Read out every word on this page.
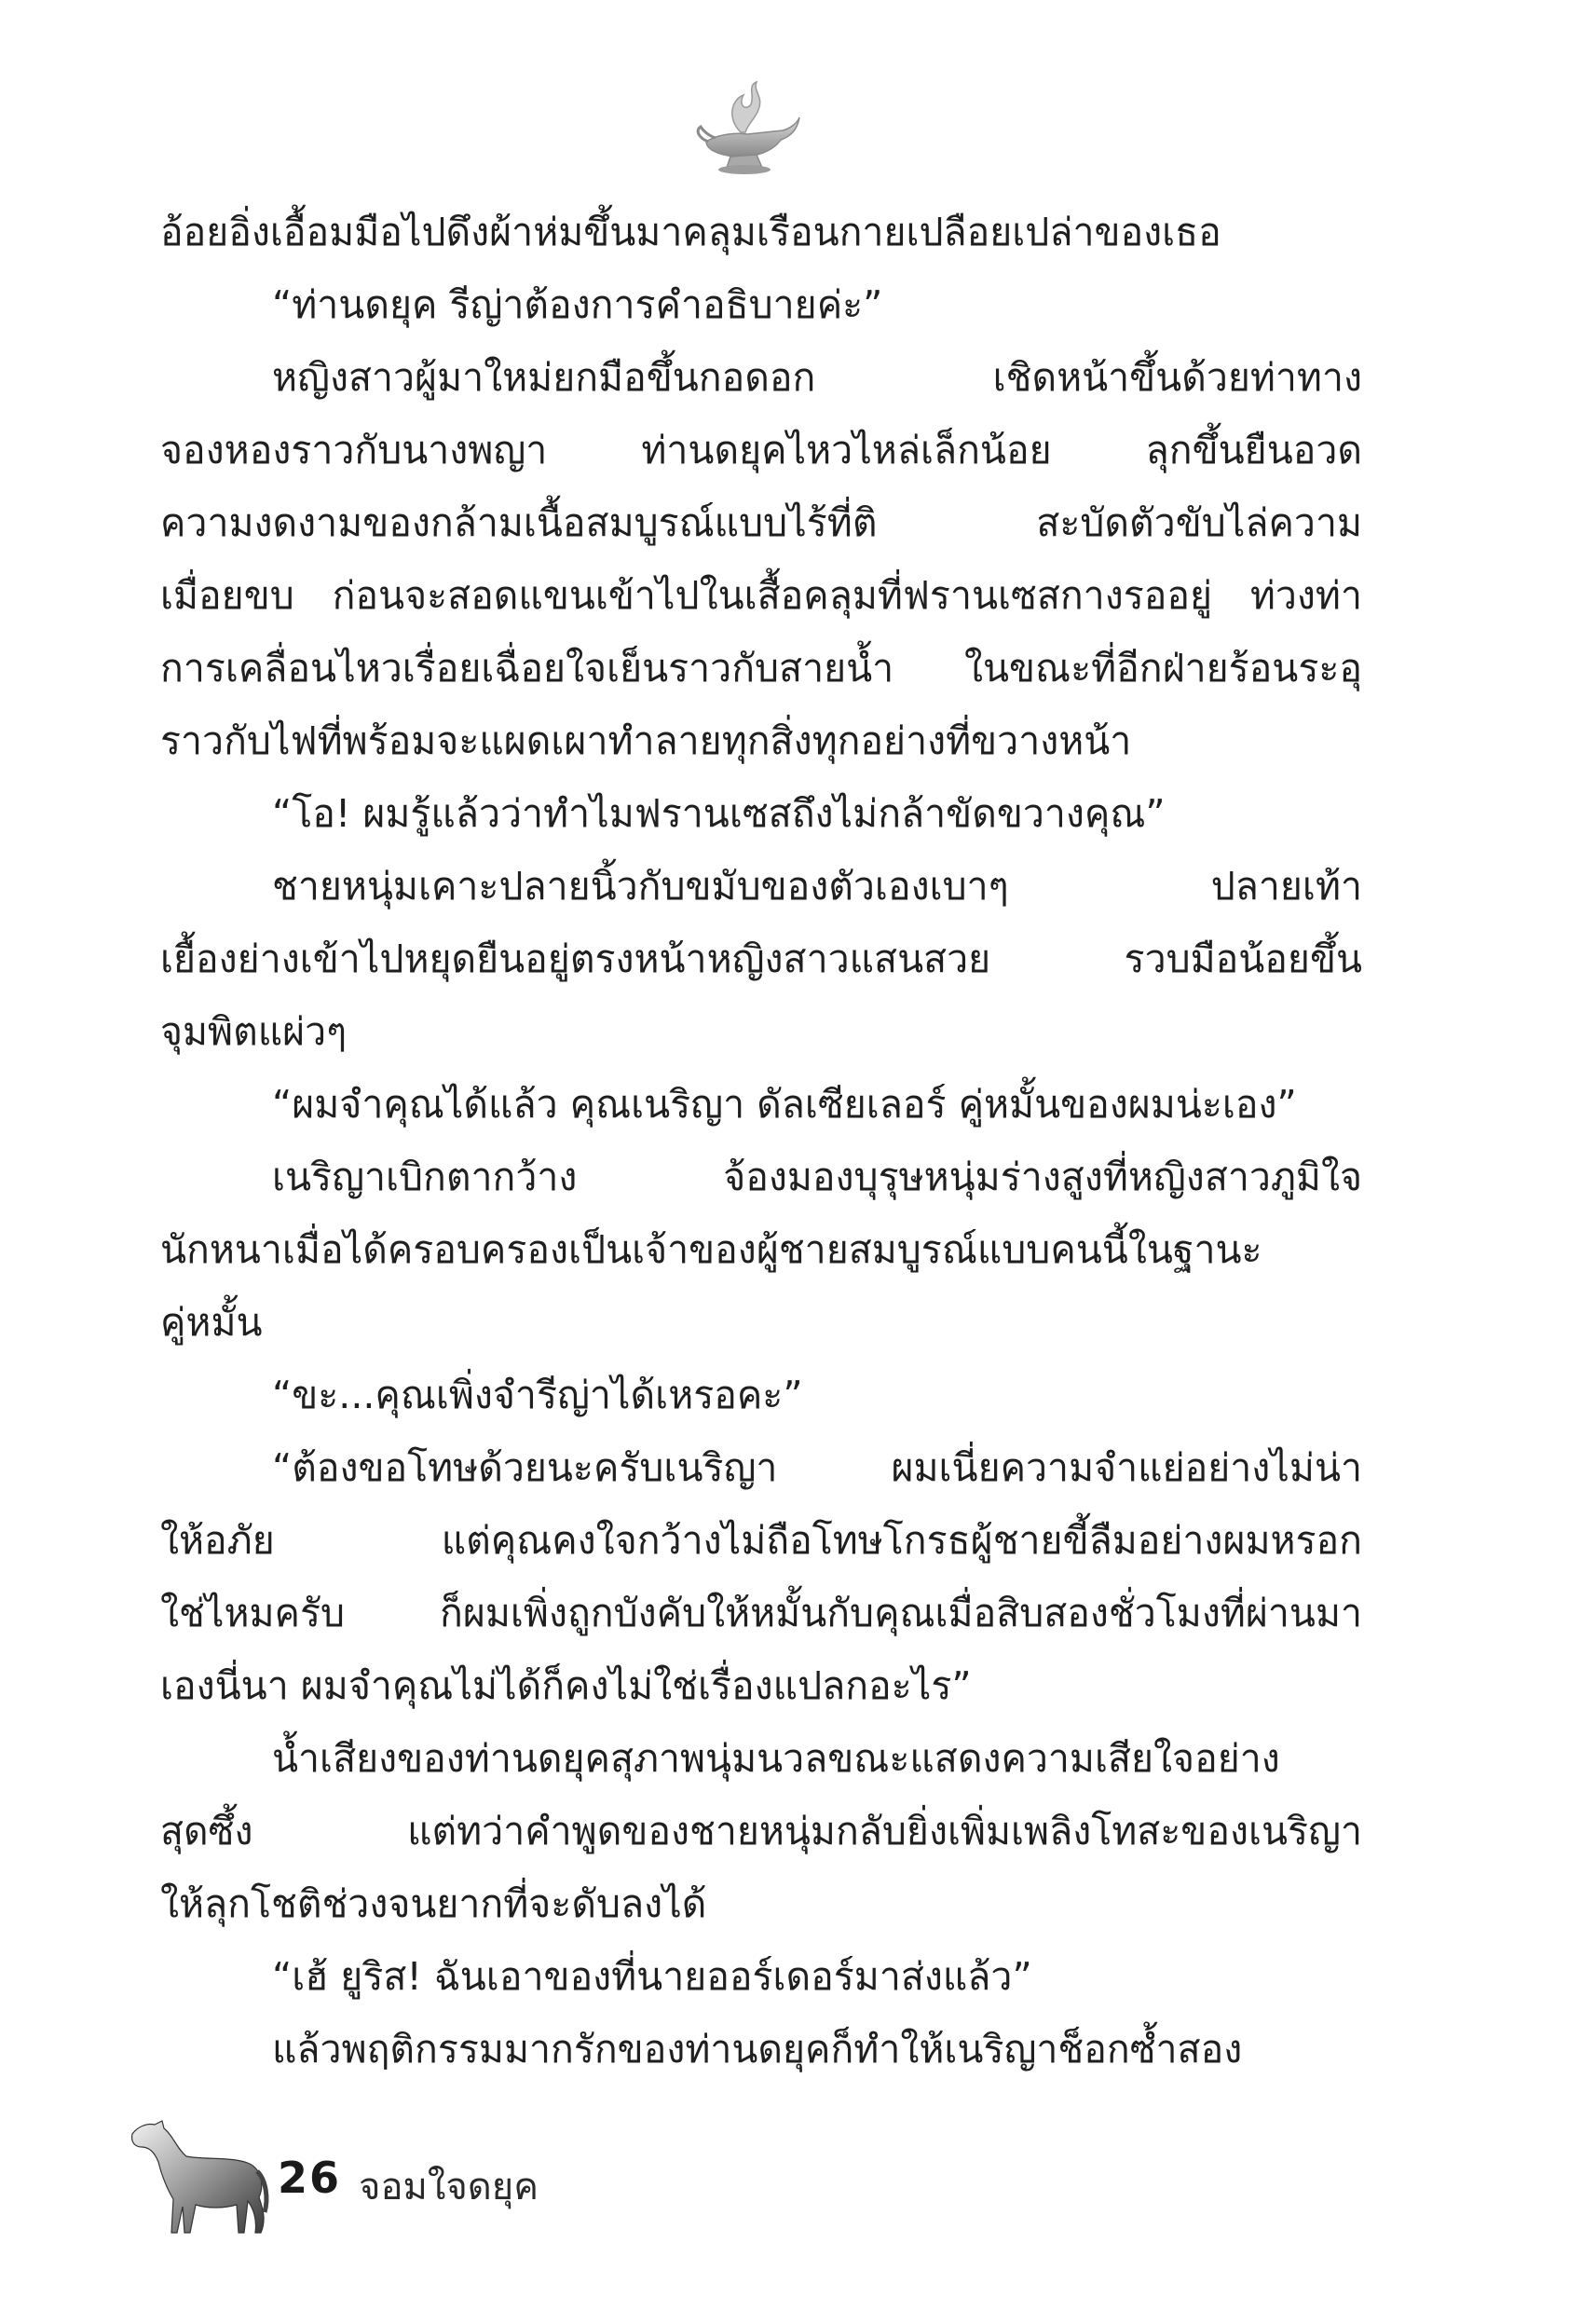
อ้อยอิ่งเอื้อมมือไปดึงผ้าห่มขึ้นมาคลุมเรือนกายเปลือยเปล่าของเธอ
“ท่านดยุค รีญ่าต้องการคำอธิบายค่ะ”
หญิงสาวผู้มาใหม่ยกมือขึ้นกอดอก เชิดหน้าขึ้นด้วยท่าทาง
จองหองราวกับนางพญา ท่านดยุคไหวไหล่เล็กน้อย ลุกขึ้นยืนอวด
ความงดงามของกล้ามเนื้อสมบูรณ์แบบไร้ที่ติ สะบัดตัวขับไล่ความ
เมื่อยขบ ก่อนจะสอดแขนเข้าไปในเสื้อคลุมที่ฟรานเซสกางรออยู่ ท่วงท่า
การเคลื่อนไหวเรื่อยเฉื่อยใจเย็นราวกับสายน้ำ ในขณะที่อีกฝ่ายร้อนระอุ
ราวกับไฟที่พร้อมจะแผดเผาทำลายทุกสิ่งทุกอย่างที่ขวางหน้า
“โอ! ผมรู้แล้วว่าทำไมฟรานเซสถึงไม่กล้าขัดขวางคุณ”
ชายหนุ่มเคาะปลายนิ้วกับขมับของตัวเองเบาๆ ปลายเท้า
เยื้องย่างเข้าไปหยุดยืนอยู่ตรงหน้าหญิงสาวแสนสวย รวบมือน้อยขึ้น
จุมพิตแผ่วๆ
“ผมจำคุณได้แล้ว คุณเนริญา ดัลเซียเลอร์ คู่หมั้นของผมน่ะเอง”
เนริญาเบิกตากว้าง จ้องมองบุรุษหนุ่มร่างสูงที่หญิงสาวภูมิใจ
นักหนาเมื่อได้ครอบครองเป็นเจ้าของผู้ชายสมบูรณ์แบบคนนี้ในฐานะ
คู่หมั้น
“ขะ...คุณเพิ่งจำรีญ่าได้เหรอคะ”
“ต้องขอโทษด้วยนะครับเนริญา ผมเนี่ยความจำแย่อย่างไม่น่า
ให้อภัย แต่คุณคงใจกว้างไม่ถือโทษโกรธผู้ชายขี้ลืมอย่างผมหรอก
ใช่ไหมครับ ก็ผมเพิ่งถูกบังคับให้หมั้นกับคุณเมื่อสิบสองชั่วโมงที่ผ่านมา
เองนี่นา ผมจำคุณไม่ได้ก็คงไม่ใช่เรื่องแปลกอะไร”
น้ำเสียงของท่านดยุคสุภาพนุ่มนวลขณะแสดงความเสียใจอย่าง
สุดซึ้ง แต่ทว่าคำพูดของชายหนุ่มกลับยิ่งเพิ่มเพลิงโทสะของเนริญา
ให้ลุกโชติช่วงจนยากที่จะดับลงได้
“เฮ้ ยูริส! ฉันเอาของที่นายออร์เดอร์มาส่งแล้ว”
แล้วพฤติกรรมมากรักของท่านดยุคก็ทำให้เนริญาช็อกซ้ำสอง
26 จอมใจดยุค
